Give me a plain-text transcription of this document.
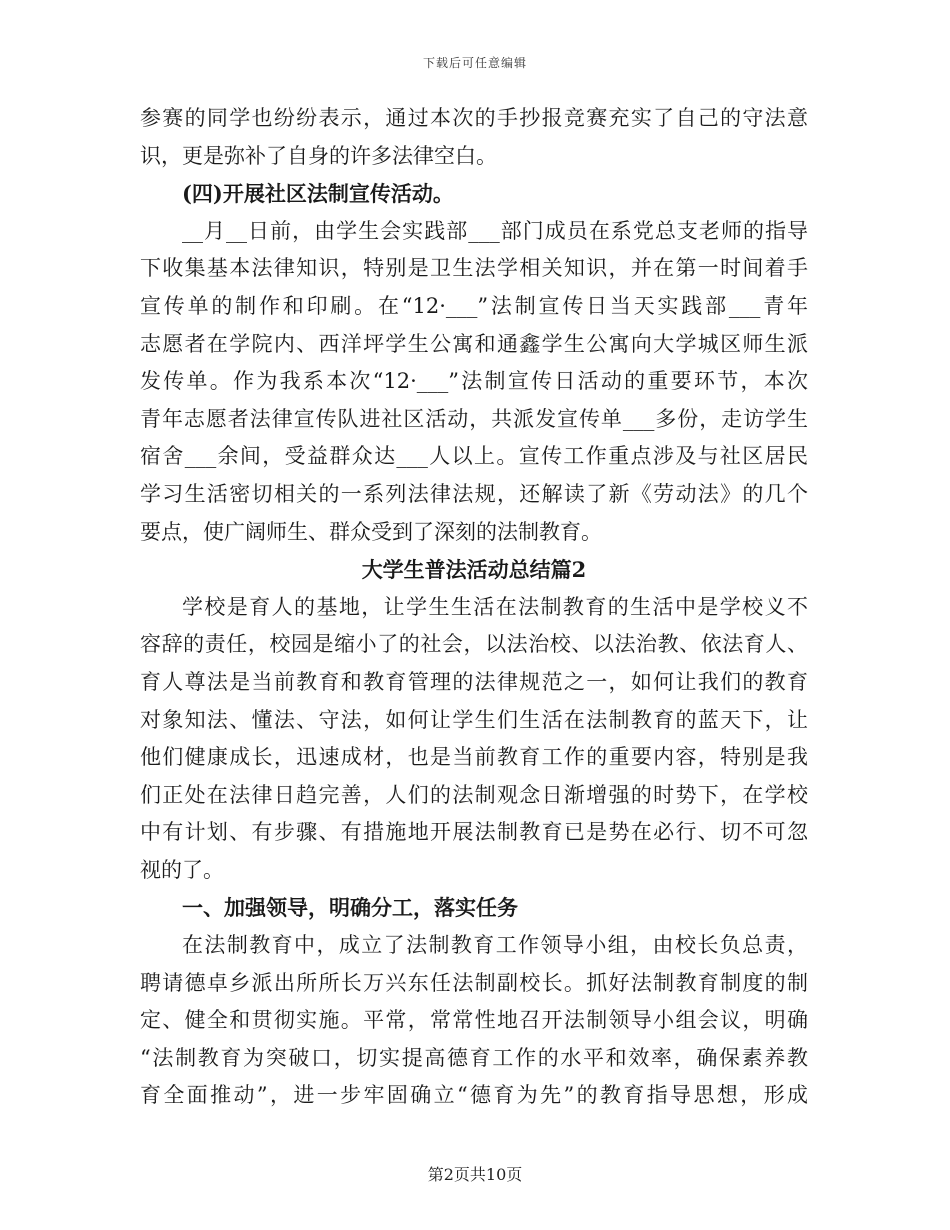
下载后可任意编辑
参赛的同学也纷纷表示，通过本次的手抄报竞赛充实了自己的守法意
识，更是弥补了自身的许多法律空白。
(四)开展社区法制宣传活动。
__月__日前，由学生会实践部___部门成员在系党总支老师的指导
下收集基本法律知识，特别是卫生法学相关知识，并在第一时间着手
宣传单的制作和印刷。在“12·___”法制宣传日当天实践部___青年
志愿者在学院内、西洋坪学生公寓和通鑫学生公寓向大学城区师生派
发传单。作为我系本次“12·___”法制宣传日活动的重要环节，本次
青年志愿者法律宣传队进社区活动，共派发宣传单___多份，走访学生
宿舍___余间，受益群众达___人以上。宣传工作重点涉及与社区居民
学习生活密切相关的一系列法律法规，还解读了新《劳动法》的几个
要点，使广阔师生、群众受到了深刻的法制教育。
大学生普法活动总结篇2
学校是育人的基地，让学生生活在法制教育的生活中是学校义不
容辞的责任，校园是缩小了的社会，以法治校、以法治教、依法育人、
育人尊法是当前教育和教育管理的法律规范之一，如何让我们的教育
对象知法、懂法、守法，如何让学生们生活在法制教育的蓝天下，让
他们健康成长，迅速成材，也是当前教育工作的重要内容，特别是我
们正处在法律日趋完善，人们的法制观念日渐增强的时势下，在学校
中有计划、有步骤、有措施地开展法制教育已是势在必行、切不可忽
视的了。
一、加强领导，明确分工，落实任务
在法制教育中，成立了法制教育工作领导小组，由校长负总责，
聘请德卓乡派出所所长万兴东任法制副校长。抓好法制教育制度的制
定、健全和贯彻实施。平常，常常性地召开法制领导小组会议，明确
“法制教育为突破口，切实提高德育工作的水平和效率，确保素养教
育全面推动”，进一步牢固确立“德育为先”的教育指导思想，形成
第2页共10页
